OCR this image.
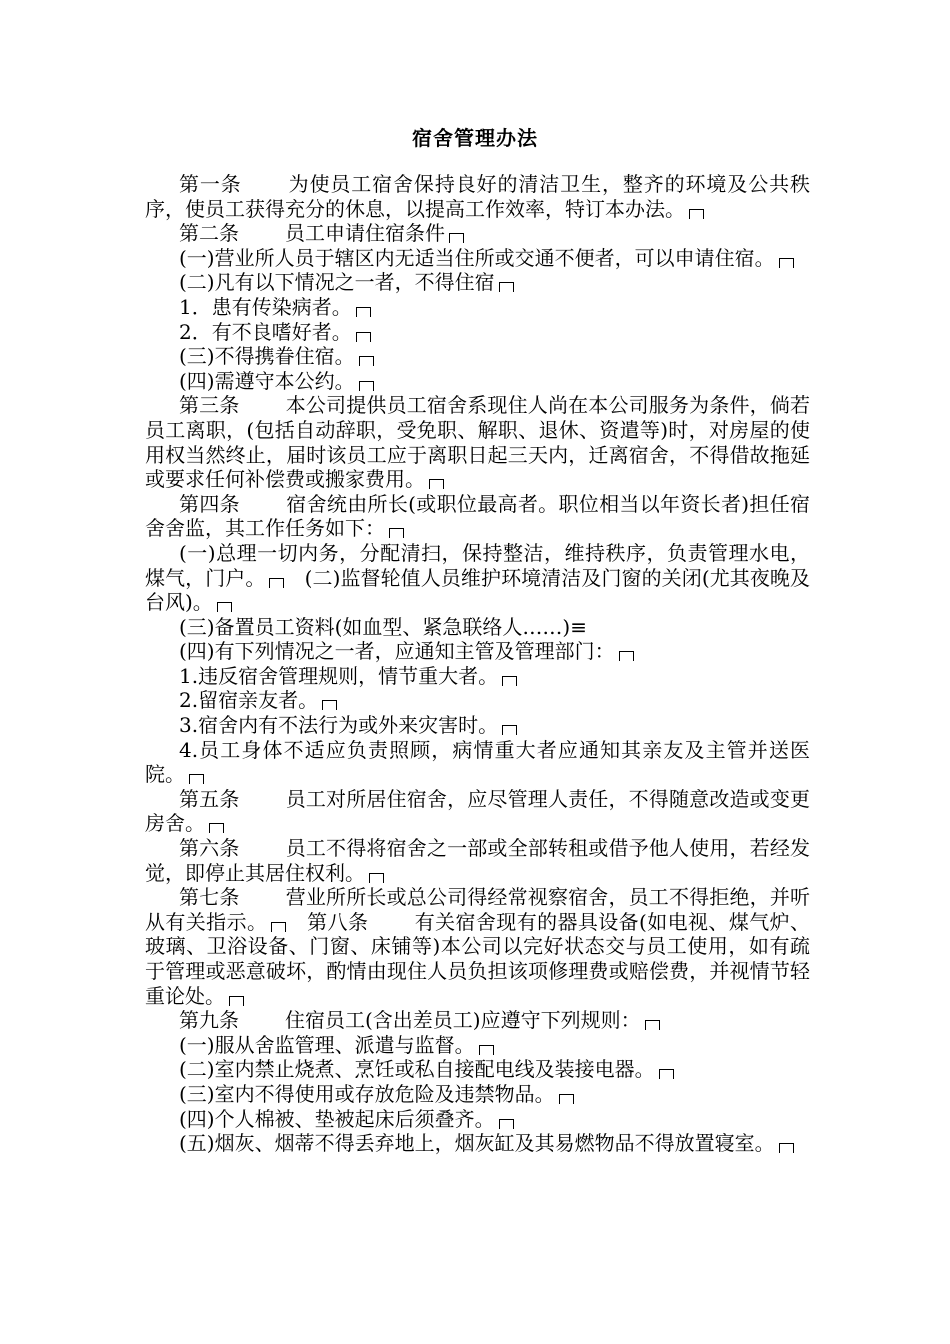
宿舍管理办法

第一条 为使员工宿舍保持良好的清洁卫生，整齐的环境及公共秩序，使员工获得充分的休息，以提高工作效率，特订本办法。

第二条 员工申请住宿条件

(一)营业所人员于辖区内无适当住所或交通不便者，可以申请住宿。

(二)凡有以下情况之一者，不得住宿

1．患有传染病者。

2．有不良嗜好者。

(三)不得携眷住宿。

(四)需遵守本公约。

第三条 本公司提供员工宿舍系现住人尚在本公司服务为条件，倘若员工离职，(包括自动辞职，受免职、解职、退休、资遣等)时，对房屋的使用权当然终止，届时该员工应于离职日起三天内，迁离宿舍，不得借故拖延或要求任何补偿费或搬家费用。

第四条 宿舍统由所长(或职位最高者。职位相当以年资长者)担任宿舍舍监，其工作任务如下：

(一)总理一切内务，分配清扫，保持整洁，维持秩序，负责管理水电，煤气，门户。　 (二)监督轮值人员维护环境清洁及门窗的关闭(尤其夜晚及台风)。

(三)备置员工资料(如血型、紧急联络人……)≡

(四)有下列情况之一者，应通知主管及管理部门：

1.违反宿舍管理规则，情节重大者。

2.留宿亲友者。

3.宿舍内有不法行为或外来灾害时。

4.员工身体不适应负责照顾，病情重大者应通知其亲友及主管并送医院。

第五条 员工对所居住宿舍，应尽管理人责任，不得随意改造或变更房舍。

第六条 员工不得将宿舍之一部或全部转租或借予他人使用，若经发觉，即停止其居住权利。

第七条 营业所所长或总公司得经常视察宿舍，员工不得拒绝，并听从有关指示。　 第八条 有关宿舍现有的器具设备(如电视、煤气炉、玻璃、卫浴设备、门窗、床铺等)本公司以完好状态交与员工使用，如有疏于管理或恶意破坏，酌情由现住人员负担该项修理费或赔偿费，并视情节轻重论处。

第九条 住宿员工(含出差员工)应遵守下列规则：

(一)服从舍监管理、派遣与监督。

(二)室内禁止烧煮、烹饪或私自接配电线及装接电器。

(三)室内不得使用或存放危险及违禁物品。

(四)个人棉被、垫被起床后须叠齐。

(五)烟灰、烟蒂不得丢弃地上，烟灰缸及其易燃物品不得放置寝室。
